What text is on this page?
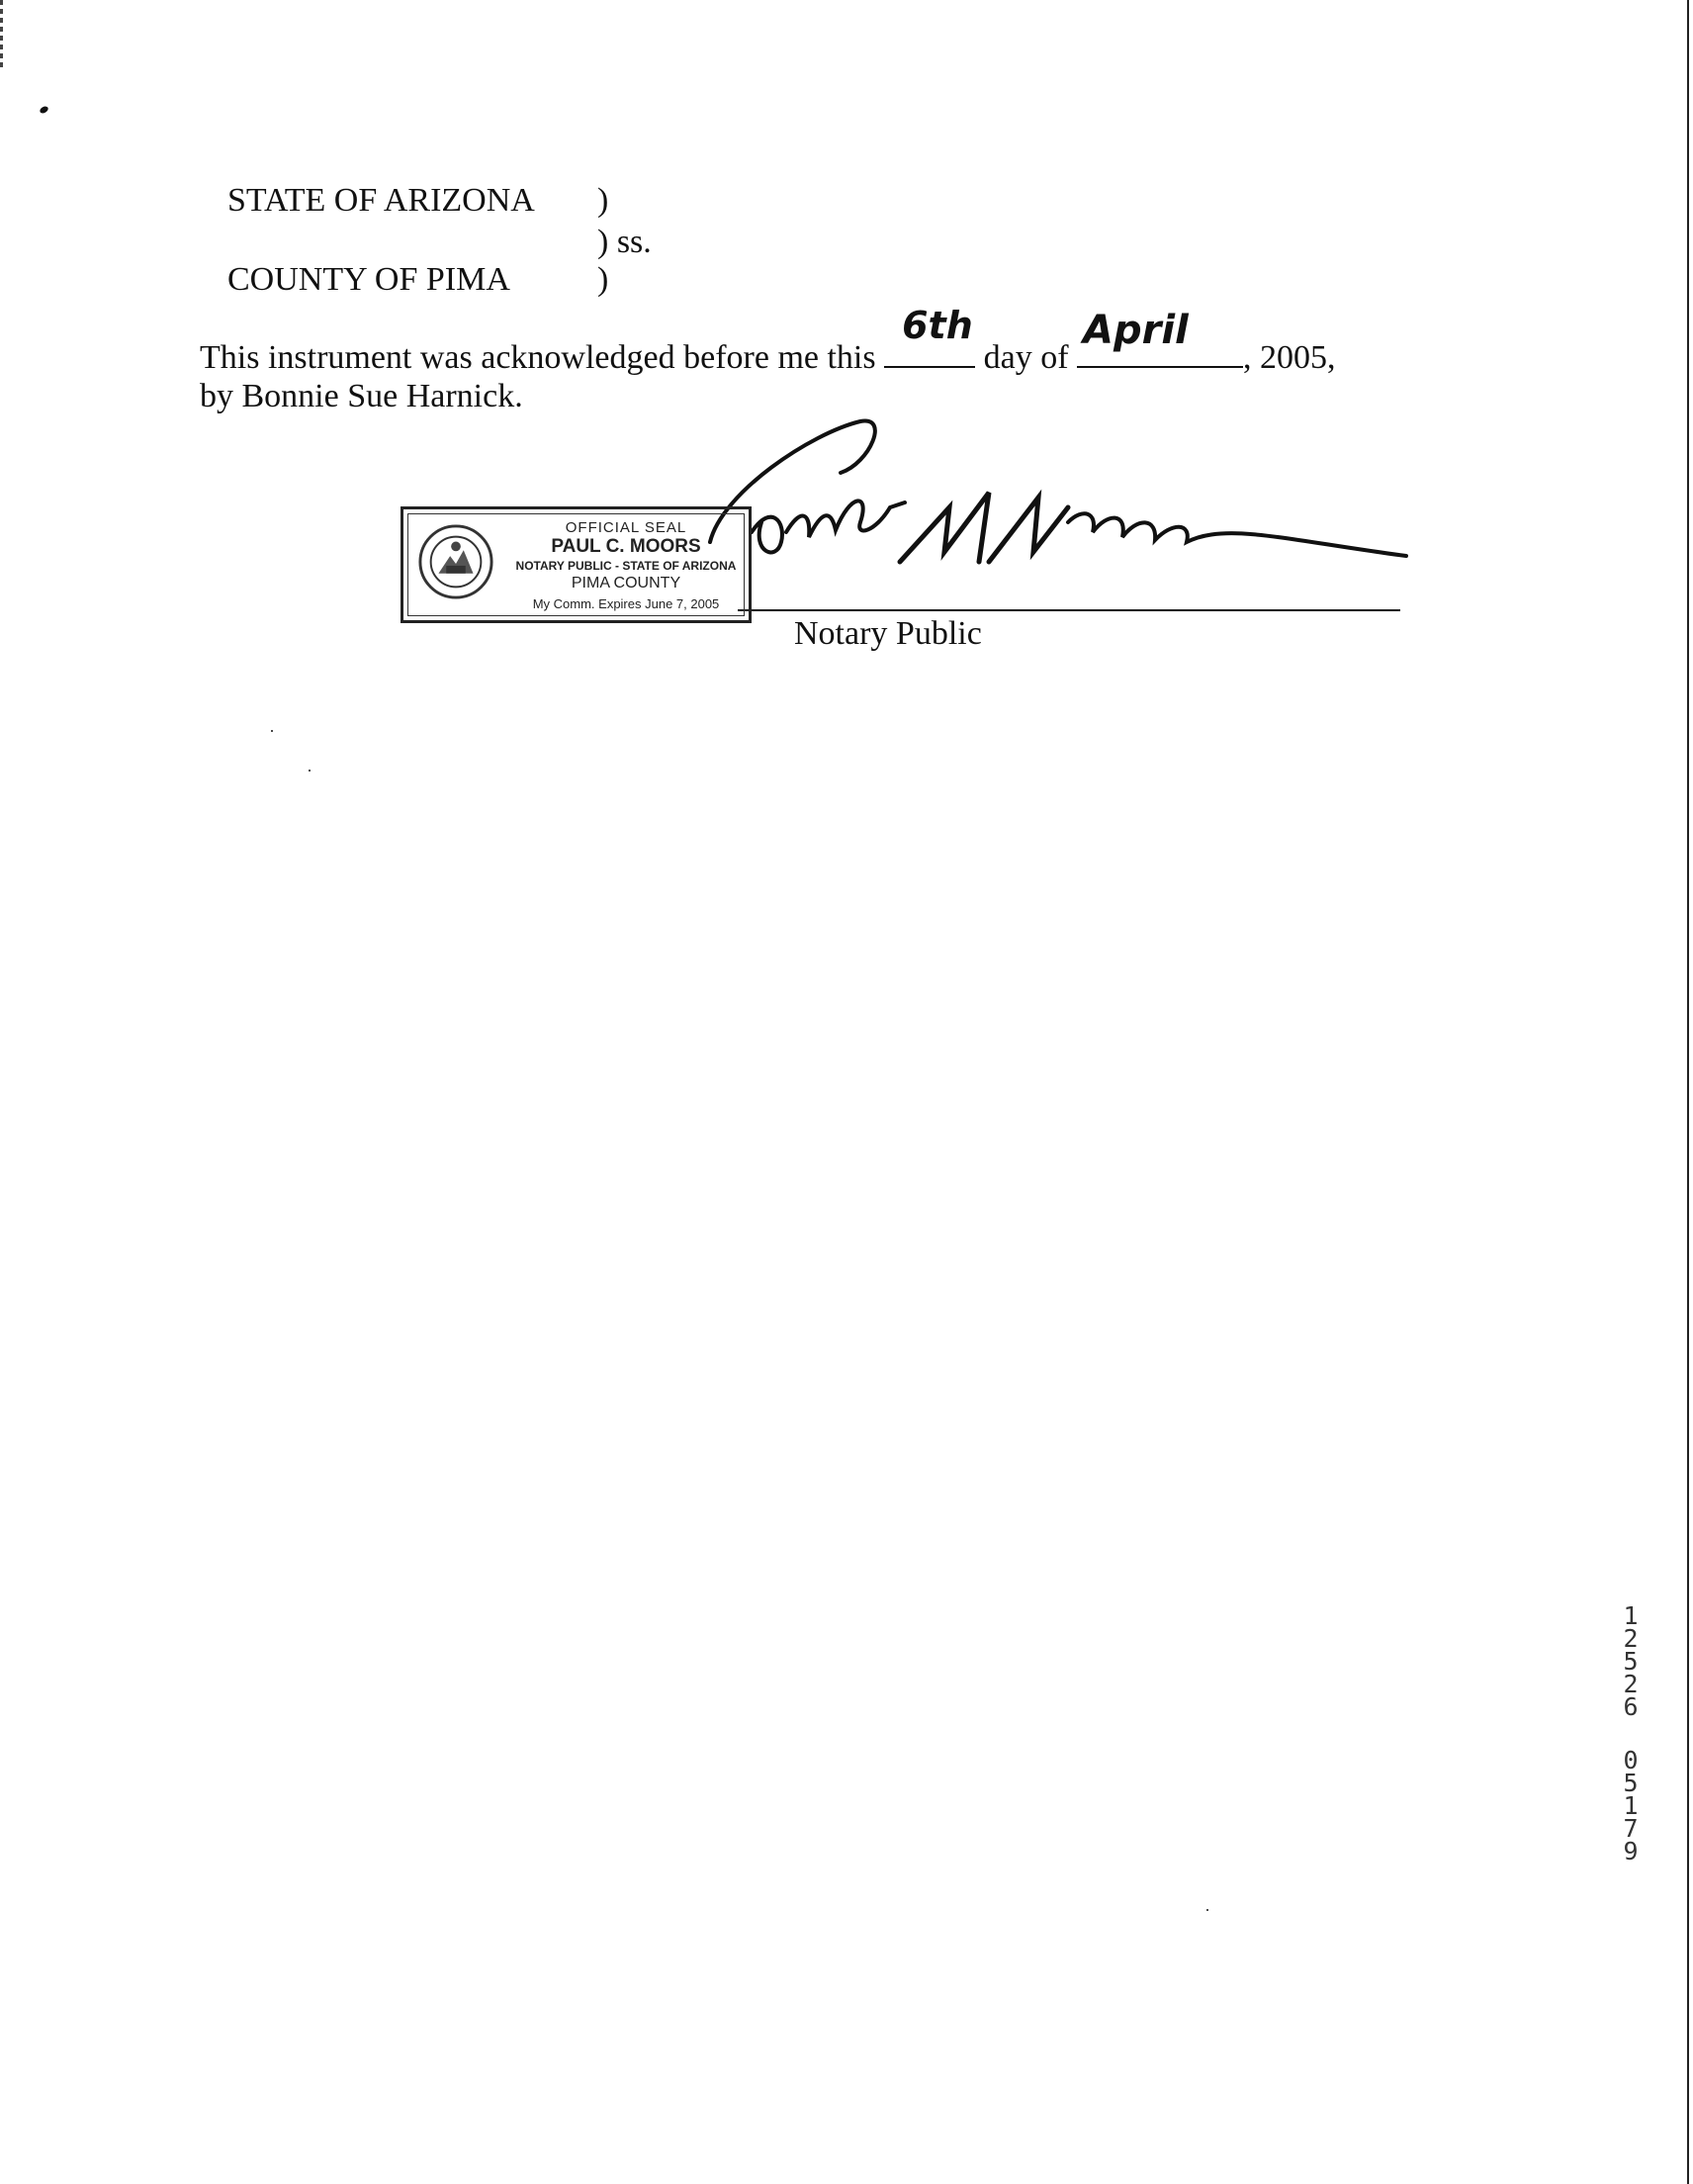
STATE OF ARIZONA )
) ss.
COUNTY OF PIMA	)
This instrument was acknowledged before me this
6th
day of
April
, 2005,
by Bonnie Sue Harnick.
Notary Public
OFFICIAL SEAL
PAUL C. MOORS
NOTARY PUBLIC - STATE OF ARIZONA
PIMA COUNTY
My Comm. Expires June 7, 2005
12526
05179
